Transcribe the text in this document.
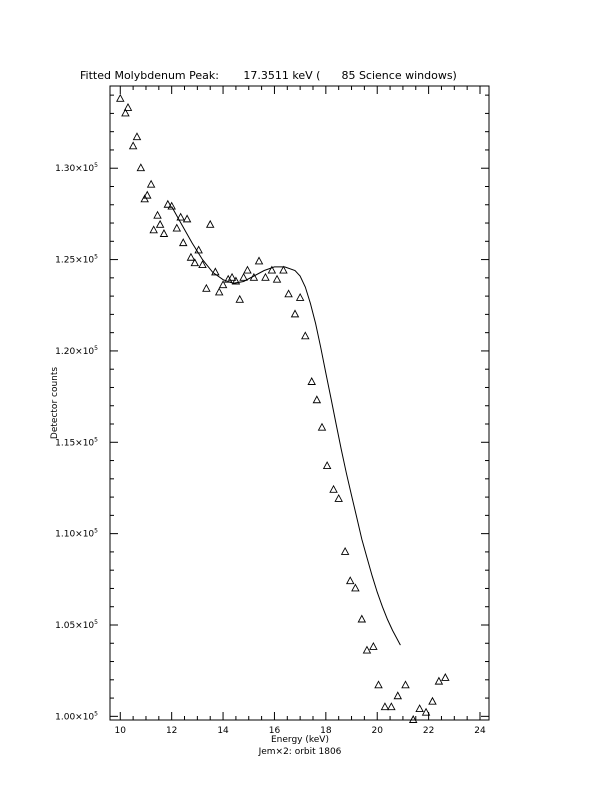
Fitted Molybdenum Peak:       17.3511 keV (      85 Science windows)
$1.00\times 10^5$
$1.05\times 10^5$
$1.10\times 10^5$
$1.15\times 10^5$
$1.20\times 10^5$
$1.25\times 10^5$
$1.30\times 10^5$
10	12	14	16	18	20	22	24
Energy (keV)
Jem×2: orbit 1806
Detector counts
